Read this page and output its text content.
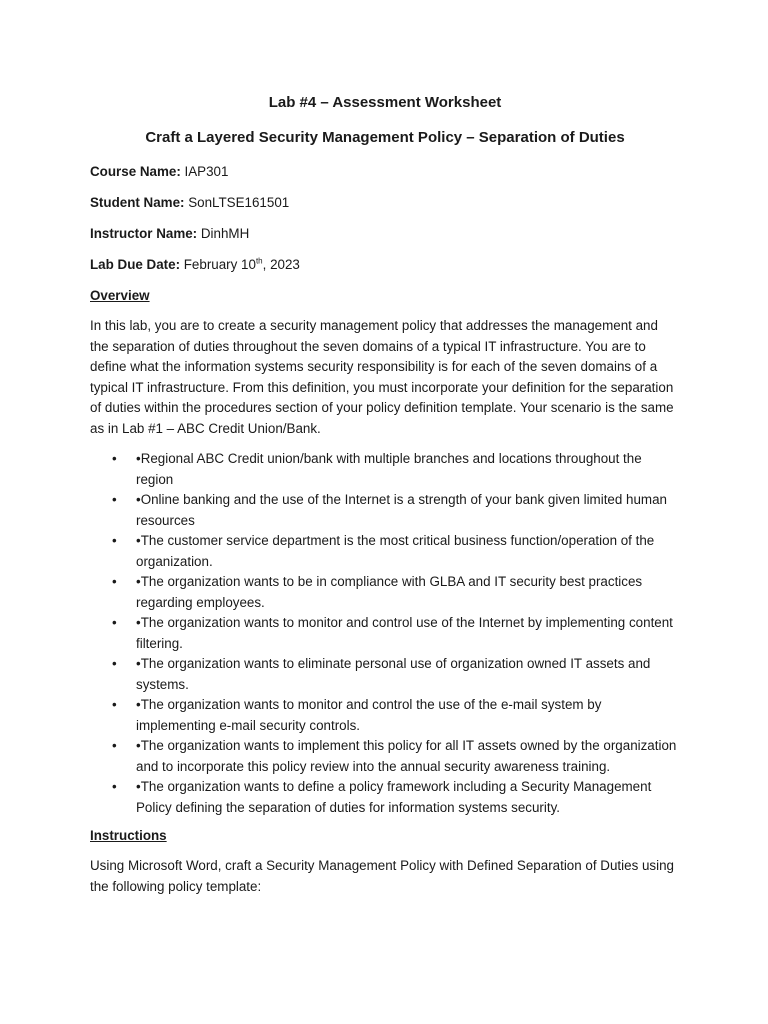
Lab #4 – Assessment Worksheet
Craft a Layered Security Management Policy – Separation of Duties
Course Name: IAP301
Student Name: SonLTSE161501
Instructor Name: DinhMH
Lab Due Date: February 10th, 2023
Overview
In this lab, you are to create a security management policy that addresses the management and the separation of duties throughout the seven domains of a typical IT infrastructure. You are to define what the information systems security responsibility is for each of the seven domains of a typical IT infrastructure. From this definition, you must incorporate your definition for the separation of duties within the procedures section of your policy definition template. Your scenario is the same as in Lab #1 – ABC Credit Union/Bank.
• •Regional ABC Credit union/bank with multiple branches and locations throughout the region
• •Online banking and the use of the Internet is a strength of your bank given limited human resources
• •The customer service department is the most critical business function/operation of the organization.
• •The organization wants to be in compliance with GLBA and IT security best practices regarding employees.
• •The organization wants to monitor and control use of the Internet by implementing content filtering.
• •The organization wants to eliminate personal use of organization owned IT assets and systems.
• •The organization wants to monitor and control the use of the e-mail system by implementing e-mail security controls.
• •The organization wants to implement this policy for all IT assets owned by the organization and to incorporate this policy review into the annual security awareness training.
• •The organization wants to define a policy framework including a Security Management Policy defining the separation of duties for information systems security.
Instructions
Using Microsoft Word, craft a Security Management Policy with Defined Separation of Duties using the following policy template:
